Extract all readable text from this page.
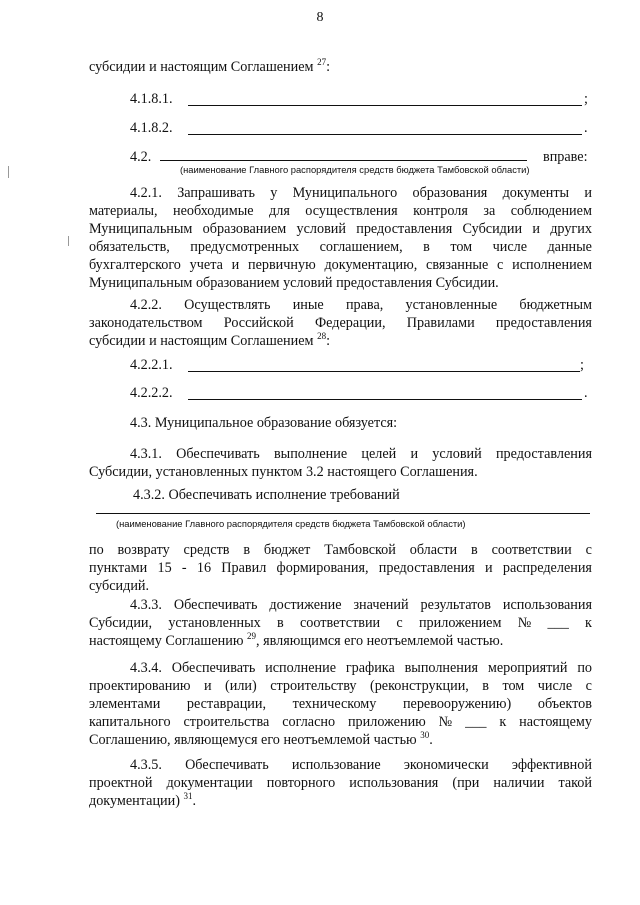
8
субсидии и настоящим Соглашением $^{27}$:
4.1.8.1.	;
4.1.8.2.	.
4.2.	вправе:
(наименование Главного распорядителя средств бюджета Тамбовской области)
4.2.1. Запрашивать у Муниципального образования документы и
материалы, необходимые для осуществления контроля за соблюдением
Муниципальным образованием условий предоставления Субсидии и других
обязательств, предусмотренных соглашением, в том числе данные
бухгалтерского учета и первичную документацию, связанные с исполнением
Муниципальным образованием условий предоставления Субсидии.
4.2.2. Осуществлять иные права, установленные бюджетным
законодательством Российской Федерации, Правилами предоставления
субсидии и настоящим Соглашением $^{28}$:
4.2.2.1.	;
4.2.2.2.	.
4.3. Муниципальное образование обязуется:
4.3.1. Обеспечивать выполнение целей и условий предоставления
Субсидии, установленных пунктом 3.2 настоящего Соглашения.
4.3.2. Обеспечивать исполнение требований
(наименование Главного распорядителя средств бюджета Тамбовской области)
по возврату средств в бюджет Тамбовской области в соответствии с
пунктами 15 - 16 Правил формирования, предоставления и распределения
субсидий.
4.3.3. Обеспечивать достижение значений результатов использования
Субсидии, установленных в соответствии с приложением № ___ к
настоящему Соглашению $^{29}$, являющимся его неотъемлемой частью.
4.3.4. Обеспечивать исполнение графика выполнения мероприятий по
проектированию и (или) строительству (реконструкции, в том числе с
элементами реставрации, техническому перевооружению) объектов
капитального строительства согласно приложению № ___ к настоящему
Соглашению, являющемуся его неотъемлемой частью $^{30}$.
4.3.5. Обеспечивать использование экономически эффективной
проектной документации повторного использования (при наличии такой
документации) $^{31}$.
